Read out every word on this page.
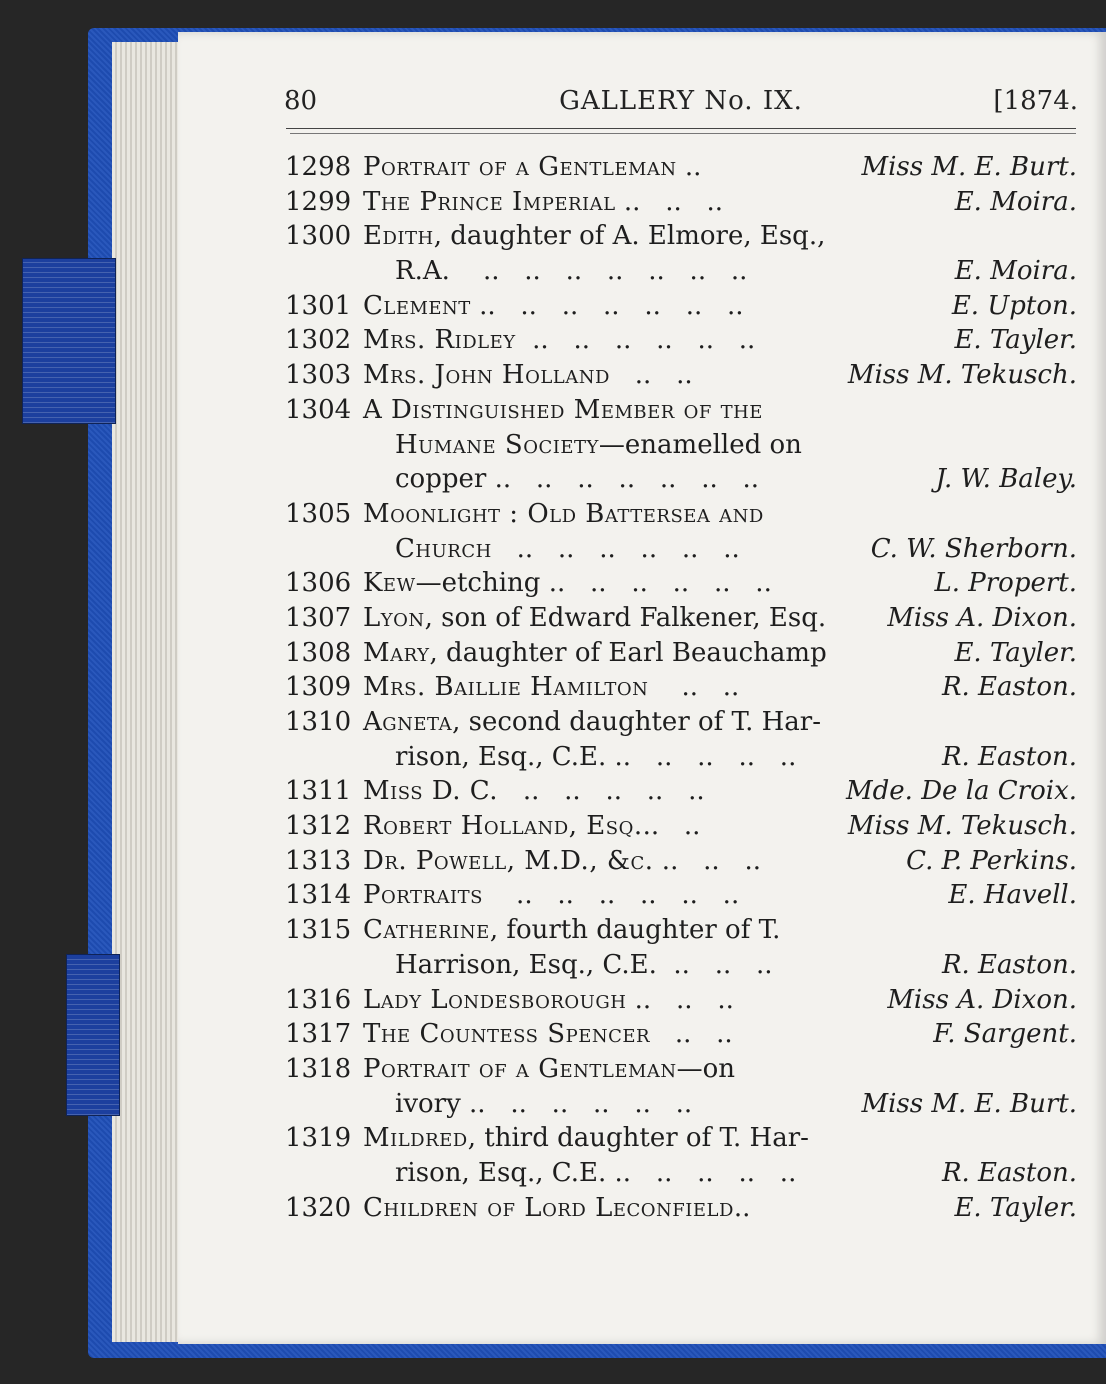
80	GALLERY No. IX.	[1874.
1298 Portrait of a Gentleman ..	Miss M. E. Burt.
1299 The Prince Imperial ..   ..   ..	E. Moira.
1300 Edith, daughter of A. Elmore, Esq.,
R.A.    ..   ..   ..   ..   ..   ..   ..	E. Moira.
1301 Clement ..   ..   ..   ..   ..   ..   ..	E. Upton.
1302 Mrs. Ridley  ..   ..   ..   ..   ..   ..	E. Tayler.
1303 Mrs. John Holland   ..   ..	Miss M. Tekusch.
1304 A Distinguished Member of the
Humane Society—enamelled on
copper ..   ..   ..   ..   ..   ..   ..	J. W. Baley.
1305 Moonlight : Old Battersea and
Church   ..   ..   ..   ..   ..   ..	C. W. Sherborn.
1306 Kew—etching ..   ..   ..   ..   ..   ..	L. Propert.
1307 Lyon, son of Edward Falkener, Esq. Miss A. Dixon.
1308 Mary, daughter of Earl Beauchamp	E. Tayler.
1309 Mrs. Baillie Hamilton    ..   ..	R. Easton.
1310 Agneta, second daughter of T. Har-
rison, Esq., C.E. ..   ..   ..   ..   ..	R. Easton.
1311 Miss D. C.   ..   ..   ..   ..   ..	Mde. De la Croix.
1312 Robert Holland, Esq...   ..	Miss M. Tekusch.
1313 Dr. Powell, M.D., &c. ..   ..   ..	C. P. Perkins.
1314 Portraits    ..   ..   ..   ..   ..   ..	E. Havell.
1315 Catherine, fourth daughter of T.
Harrison, Esq., C.E.  ..   ..   ..	R. Easton.
1316 Lady Londesborough ..   ..   ..	Miss A. Dixon.
1317 The Countess Spencer   ..   ..	F. Sargent.
1318 Portrait of a Gentleman—on
ivory ..   ..   ..   ..   ..   ..	Miss M. E. Burt.
1319 Mildred, third daughter of T. Har-
rison, Esq., C.E. ..   ..   ..   ..   ..	R. Easton.
1320 Children of Lord Leconfield..	E. Tayler.
